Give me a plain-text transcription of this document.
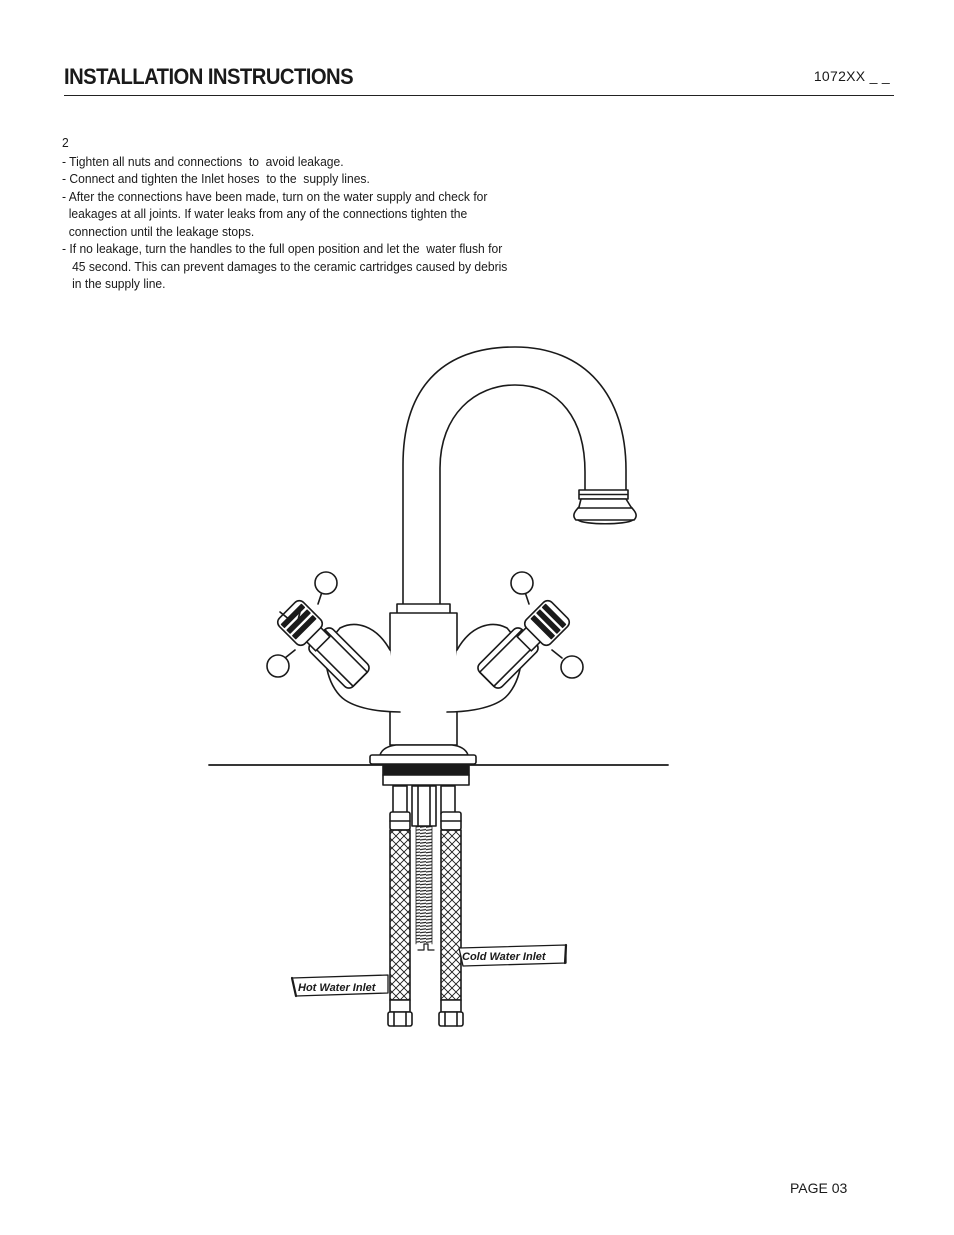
INSTALLATION INSTRUCTIONS	1072XX _ _
2
- Tighten all nuts and connections  to  avoid leakage.
- Connect and tighten the Inlet hoses  to the  supply lines.
- After the connections have been made, turn on the water supply and check for
leakages at all joints. If water leaks from any of the connections tighten the
connection until the leakage stops.
- If no leakage, turn the handles to the full open position and let the  water flush for
45 second. This can prevent damages to the ceramic cartridges caused by debris
in the supply line.
Hot Water Inlet
Cold Water Inlet
PAGE 03
